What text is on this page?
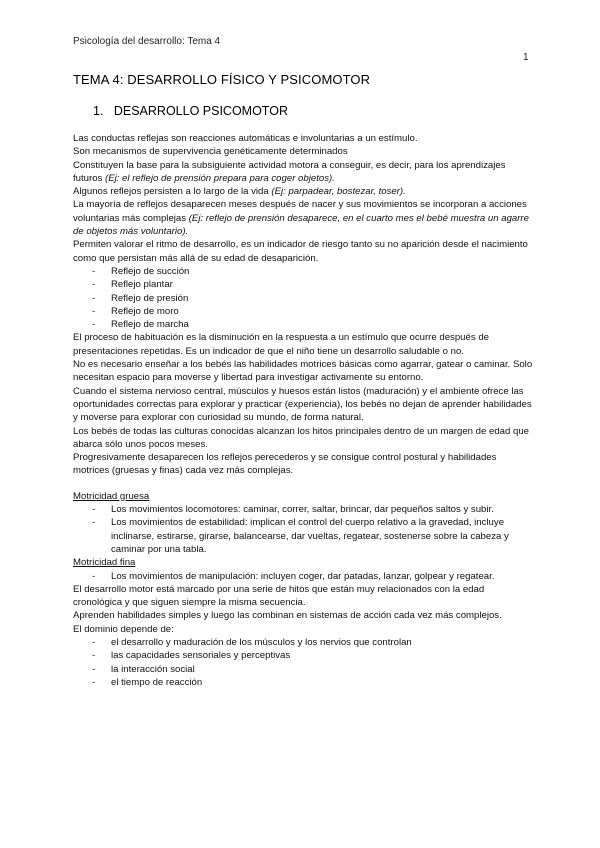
Psicología del desarrollo: Tema 4
1
TEMA 4: DESARROLLO FÍSICO Y PSICOMOTOR
1. DESARROLLO PSICOMOTOR

Las conductas reflejas son reacciones automáticas e involuntarias a un estímulo.

Son mecanismos de supervivencia genéticamente determinados

Constituyen la base para la subsiguiente actividad motora a conseguir, es decir, para los aprendizajes futuros (Ej: el reflejo de prensión prepara para coger objetos).

Algunos reflejos persisten a lo largo de la vida (Ej: parpadear, bostezar, toser).

La mayoría de reflejos desaparecen meses después de nacer y sus movimientos se incorporan a acciones voluntarias más complejas (Ej: reflejo de prensión desaparece, en el cuarto mes el bebé muestra un agarre de objetos más voluntario).

Permiten valorar el ritmo de desarrollo, es un indicador de riesgo tanto su no aparición desde el nacimiento como que persistan más allá de su edad de desaparición.

- Reflejo de succión

- Reflejo plantar

- Reflejo de presión

- Reflejo de moro

- Reflejo de marcha

El proceso de habituación es la disminución en la respuesta a un estímulo que ocurre después de presentaciones repetidas. Es un indicador de que el niño tiene un desarrollo saludable o no.

No es necesario enseñar a los bebés las habilidades motrices básicas como agarrar, gatear o caminar. Solo necesitan espacio para moverse y libertad para investigar activamente su entorno.

Cuando el sistema nervioso central, músculos y huesos están listos (maduración) y el ambiente ofrece las oportunidades correctas para explorar y practicar (experiencia), los bebés no dejan de aprender habilidades y moverse para explorar con curiosidad su mundo, de forma natural.

Los bebés de todas las culturas conocidas alcanzan los hitos principales dentro de un margen de edad que abarca sólo unos pocos meses.

Progresivamente desaparecen los reflejos perecederos y se consigue control postural y habilidades motrices (gruesas y finas) cada vez más complejas.

Motricidad gruesa

- Los movimientos locomotores: caminar, correr, saltar, brincar, dar pequeños saltos y subir.

- Los movimientos de estabilidad: implican el control del cuerpo relativo a la gravedad, incluye inclinarse, estirarse, girarse, balancearse, dar vueltas, regatear, sostenerse sobre la cabeza y caminar por una tabla.

Motricidad fina

- Los movimientos de manipulación: incluyen coger, dar patadas, lanzar, golpear y regatear.

El desarrollo motor está marcado por una serie de hitos que están muy relacionados con la edad cronológica y que siguen siempre la misma secuencia.

Aprenden habilidades simples y luego las combinan en sistemas de acción cada vez más complejos.

El dominio depende de:

- el desarrollo y maduración de los músculos y los nervios que controlan

- las capacidades sensoriales y perceptivas

- la interacción social

- el tiempo de reacción
